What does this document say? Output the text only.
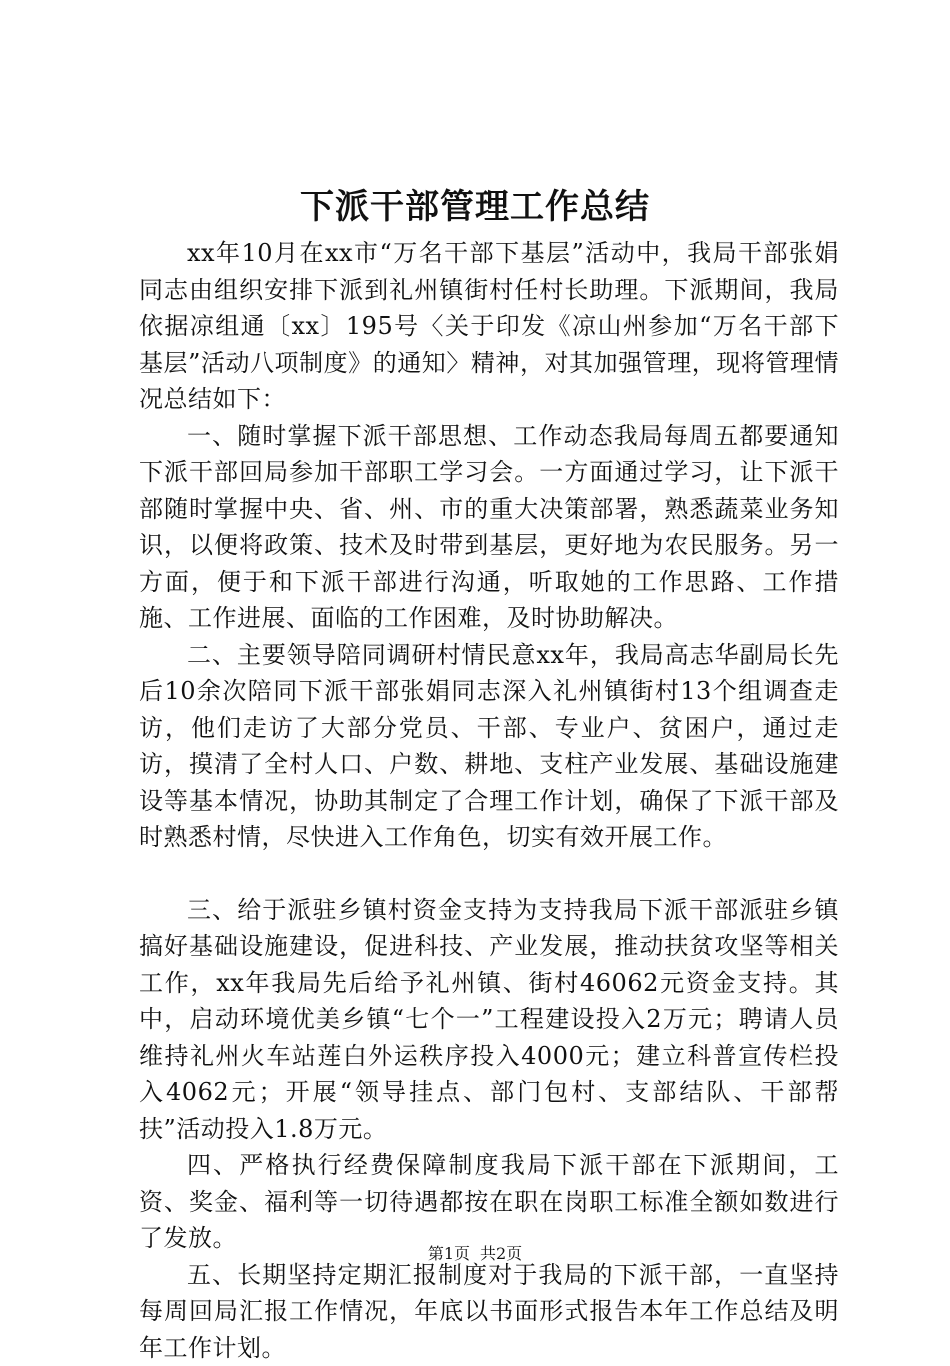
下派干部管理工作总结

xx年10月在xx市“万名干部下基层”活动中，我局干部张娟同志由组织安排下派到礼州镇街村任村长助理。下派期间，我局依据凉组通〔xx〕195号〈关于印发《凉山州参加“万名干部下基层”活动八项制度》的通知〉精神，对其加强管理，现将管理情况总结如下：

一、随时掌握下派干部思想、工作动态我局每周五都要通知下派干部回局参加干部职工学习会。一方面通过学习，让下派干部随时掌握中央、省、州、市的重大决策部署，熟悉蔬菜业务知识，以便将政策、技术及时带到基层，更好地为农民服务。另一方面，便于和下派干部进行沟通，听取她的工作思路、工作措施、工作进展、面临的工作困难，及时协助解决。

二、主要领导陪同调研村情民意xx年，我局高志华副局长先后10余次陪同下派干部张娟同志深入礼州镇街村13个组调查走访，他们走访了大部分党员、干部、专业户、贫困户，通过走访，摸清了全村人口、户数、耕地、支柱产业发展、基础设施建设等基本情况，协助其制定了合理工作计划，确保了下派干部及时熟悉村情，尽快进入工作角色，切实有效开展工作。

三、给于派驻乡镇村资金支持为支持我局下派干部派驻乡镇搞好基础设施建设，促进科技、产业发展，推动扶贫攻坚等相关工作，xx年我局先后给予礼州镇、街村46062元资金支持。其中，启动环境优美乡镇“七个一”工程建设投入2万元；聘请人员维持礼州火车站莲白外运秩序投入4000元；建立科普宣传栏投入4062元；开展“领导挂点、部门包村、支部结队、干部帮扶”活动投入1.8万元。

四、严格执行经费保障制度我局下派干部在下派期间，工资、奖金、福利等一切待遇都按在职在岗职工标准全额如数进行了发放。

五、长期坚持定期汇报制度对于我局的下派干部，一直坚持每周回局汇报工作情况，年底以书面形式报告本年工作总结及明年工作计划。

第1页 共2页
